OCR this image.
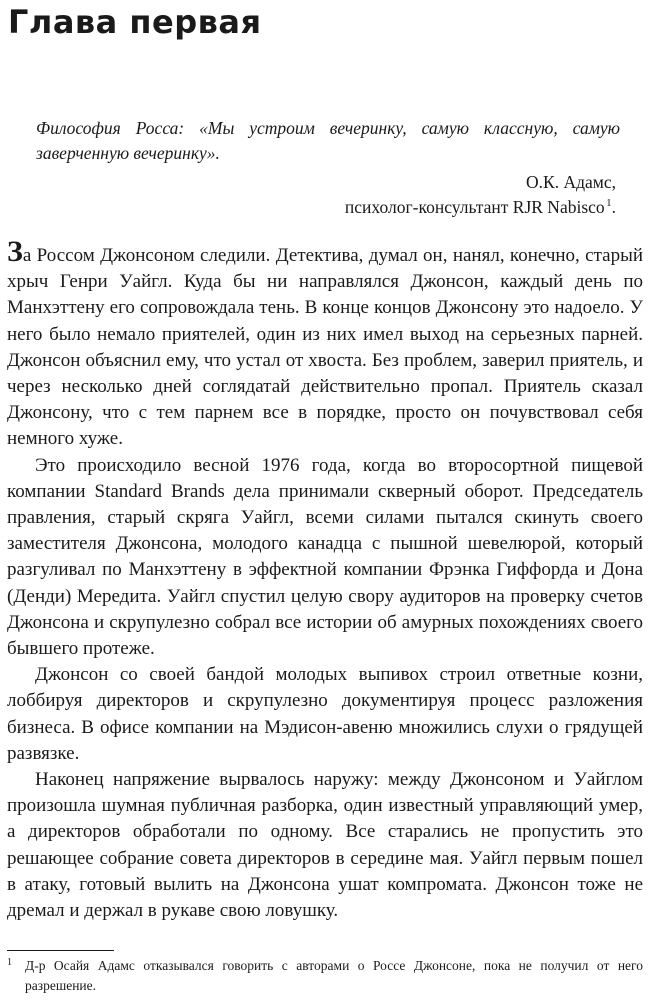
Глава первая

Философия Росса: «Мы устроим вечеринку, самую классную, самую заверченную вечеринку».

О.К. Адамс,

психолог-консультант RJR Nabisco $^1$.

За Россом Джонсоном следили. Детектива, думал он, нанял, конечно, старый хрыч Генри Уайгл. Куда бы ни направлялся Джонсон, каждый день по Манхэттену его сопровождала тень. В конце концов Джонсону это надоело. У него было немало приятелей, один из них имел выход на серьезных парней. Джонсон объяснил ему, что устал от хвоста. Без проблем, заверил приятель, и через несколько дней соглядатай действительно пропал. Приятель сказал Джонсону, что с тем парнем все в порядке, просто он почувствовал себя немного хуже.

Это происходило весной 1976 года, когда во второсортной пищевой компании Standard Brands дела принимали скверный оборот. Председатель правления, старый скряга Уайгл, всеми силами пытался скинуть своего заместителя Джонсона, молодого канадца с пышной шевелюрой, который разгуливал по Манхэттену в эффектной компании Фрэнка Гиффорда и Дона (Денди) Мередита. Уайгл спустил целую свору аудиторов на проверку счетов Джонсона и скрупулезно собрал все истории об амурных похождениях своего бывшего протеже.

Джонсон со своей бандой молодых выпивох строил ответные козни, лоббируя директоров и скрупулезно документируя процесс разложения бизнеса. В офисе компании на Мэдисон-авеню множились слухи о грядущей развязке.

Наконец напряжение вырвалось наружу: между Джонсоном и Уайглом произошла шумная публичная разборка, один известный управляющий умер, а директоров обработали по одному. Все старались не пропустить это решающее собрание совета директоров в середине мая. Уайгл первым пошел в атаку, готовый вылить на Джонсона ушат компромата. Джонсон тоже не дремал и держал в рукаве свою ловушку.

1 Д-р Осайя Адамс отказывался говорить с авторами о Россе Джонсоне, пока не получил от него разрешение.
